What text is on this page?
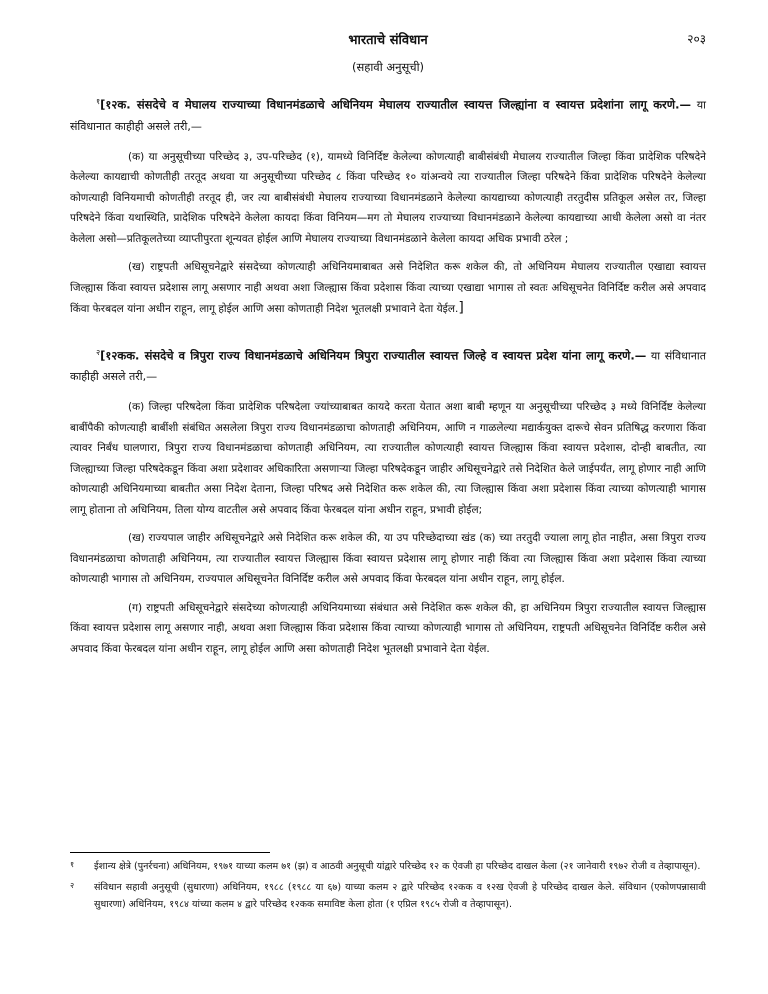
भारताचे संविधान	२०३
(सहावी अनुसूची)

$^१$[१२क. संसदेचे व मेघालय राज्याच्या विधानमंडळाचे अधिनियम मेघालय राज्यातील स्वायत्त जिल्ह्यांना व स्वायत्त प्रदेशांना लागू करणे.— या संविधानात काहीही असले तरी,—

(क) या अनुसूचीच्या परिच्छेद ३, उप-परिच्छेद (१), यामध्ये विनिर्दिष्ट केलेल्या कोणत्याही बाबीसंबंधी मेघालय राज्यातील जिल्हा किंवा प्रादेशिक परिषदेने केलेल्या कायद्याची कोणतीही तरतूद अथवा या अनुसूचीच्या परिच्छेद ८ किंवा परिच्छेद १० यांअन्वये त्या राज्यातील जिल्हा परिषदेने किंवा प्रादेशिक परिषदेने केलेल्या कोणत्याही विनियमाची कोणतीही तरतूद ही, जर त्या बाबीसंबंधी मेघालय राज्याच्या विधानमंडळाने केलेल्या कायद्याच्या कोणत्याही तरतुदीस प्रतिकूल असेल तर, जिल्हा परिषदेने किंवा यथास्थिति, प्रादेशिक परिषदेने केलेला कायदा किंवा विनियम—मग तो मेघालय राज्याच्या विधानमंडळाने केलेल्या कायद्याच्या आधी केलेला असो वा नंतर केलेला असो—प्रतिकूलतेच्या व्याप्तीपुरता शून्यवत होईल आणि मेघालय राज्याच्या विधानमंडळाने केलेला कायदा अधिक प्रभावी ठरेल ;

(ख) राष्ट्रपती अधिसूचनेद्वारे संसदेच्या कोणत्याही अधिनियमाबाबत असे निदेशित करू शकेल की, तो अधिनियम मेघालय राज्यातील एखाद्या स्वायत्त जिल्ह्यास किंवा स्वायत्त प्रदेशास लागू असणार नाही अथवा अशा जिल्ह्यास किंवा प्रदेशास किंवा त्याच्या एखाद्या भागास तो स्वतः अधिसूचनेत विनिर्दिष्ट करील असे अपवाद किंवा फेरबदल यांना अधीन राहून, लागू होईल आणि असा कोणताही निदेश भूतलक्षी प्रभावाने देता येईल.]

$^२$[१२कक. संसदेचे व त्रिपुरा राज्य विधानमंडळाचे अधिनियम त्रिपुरा राज्यातील स्वायत्त जिल्हे व स्वायत्त प्रदेश यांना लागू करणे.— या संविधानात काहीही असले तरी,—

(क) जिल्हा परिषदेला किंवा प्रादेशिक परिषदेला ज्यांच्याबाबत कायदे करता येतात अशा बाबी म्हणून या अनुसूचीच्या परिच्छेद ३ मध्ये विनिर्दिष्ट केलेल्या बाबींपैकी कोणत्याही बाबींशी संबंधित असलेला त्रिपुरा राज्य विधानमंडळाचा कोणताही अधिनियम, आणि न गाळलेल्या मद्यार्कयुक्त दारूचे सेवन प्रतिषिद्ध करणारा किंवा त्यावर निर्बंध घालणारा, त्रिपुरा राज्य विधानमंडळाचा कोणताही अधिनियम, त्या राज्यातील कोणत्याही स्वायत्त जिल्ह्यास किंवा स्वायत्त प्रदेशास, दोन्ही बाबतीत, त्या जिल्ह्याच्या जिल्हा परिषदेकडून किंवा अशा प्रदेशावर अधिकारिता असणाऱ्या जिल्हा परिषदेकडून जाहीर अधिसूचनेद्वारे तसे निदेशित केले जाईपर्यंत, लागू होणार नाही आणि कोणत्याही अधिनियमाच्या बाबतीत असा निदेश देताना, जिल्हा परिषद असे निदेशित करू शकेल की, त्या जिल्ह्यास किंवा अशा प्रदेशास किंवा त्याच्या कोणत्याही भागास लागू होताना तो अधिनियम, तिला योग्य वाटतील असे अपवाद किंवा फेरबदल यांना अधीन राहून, प्रभावी होईल;

(ख) राज्यपाल जाहीर अधिसूचनेद्वारे असे निदेशित करू शकेल की, या उप परिच्छेदाच्या खंड (क) च्या तरतुदी ज्याला लागू होत नाहीत, असा त्रिपुरा राज्य विधानमंडळाचा कोणताही अधिनियम, त्या राज्यातील स्वायत्त जिल्ह्यास किंवा स्वायत्त प्रदेशास लागू होणार नाही किंवा त्या जिल्ह्यास किंवा अशा प्रदेशास किंवा त्याच्या कोणत्याही भागास तो अधिनियम, राज्यपाल अधिसूचनेत विनिर्दिष्ट करील असे अपवाद किंवा फेरबदल यांना अधीन राहून, लागू होईल.

(ग) राष्ट्रपती अधिसूचनेद्वारे संसदेच्या कोणत्याही अधिनियमाच्या संबंधात असे निदेशित करू शकेल की, हा अधिनियम त्रिपुरा राज्यातील स्वायत्त जिल्ह्यास किंवा स्वायत्त प्रदेशास लागू असणार नाही, अथवा अशा जिल्ह्यास किंवा प्रदेशास किंवा त्याच्या कोणत्याही भागास तो अधिनियम, राष्ट्रपती अधिसूचनेत विनिर्दिष्ट करील असे अपवाद किंवा फेरबदल यांना अधीन राहून, लागू होईल आणि असा कोणताही निदेश भूतलक्षी प्रभावाने देता येईल.

१ ईशान्य क्षेत्रे (पुनर्रचना) अधिनियम, १९७१ याच्या कलम ७१ (झ) व आठवी अनुसूची यांद्वारे परिच्छेद १२ क ऐवजी हा परिच्छेद दाखल केला (२१ जानेवारी १९७२ रोजी व तेव्हापासून).
२ संविधान सहावी अनुसूची (सुधारणा) अधिनियम, १९८८ (१९८८ या ६७) याच्या कलम २ द्वारे परिच्छेद १२कक व १२ख ऐवजी हे परिच्छेद दाखल केले. संविधान (एकोणपन्नासावी सुधारणा) अधिनियम, १९८४ यांच्या कलम ४ द्वारे परिच्छेद १२कक समाविष्ट केला होता (१ एप्रिल १९८५ रोजी व तेव्हापासून).
